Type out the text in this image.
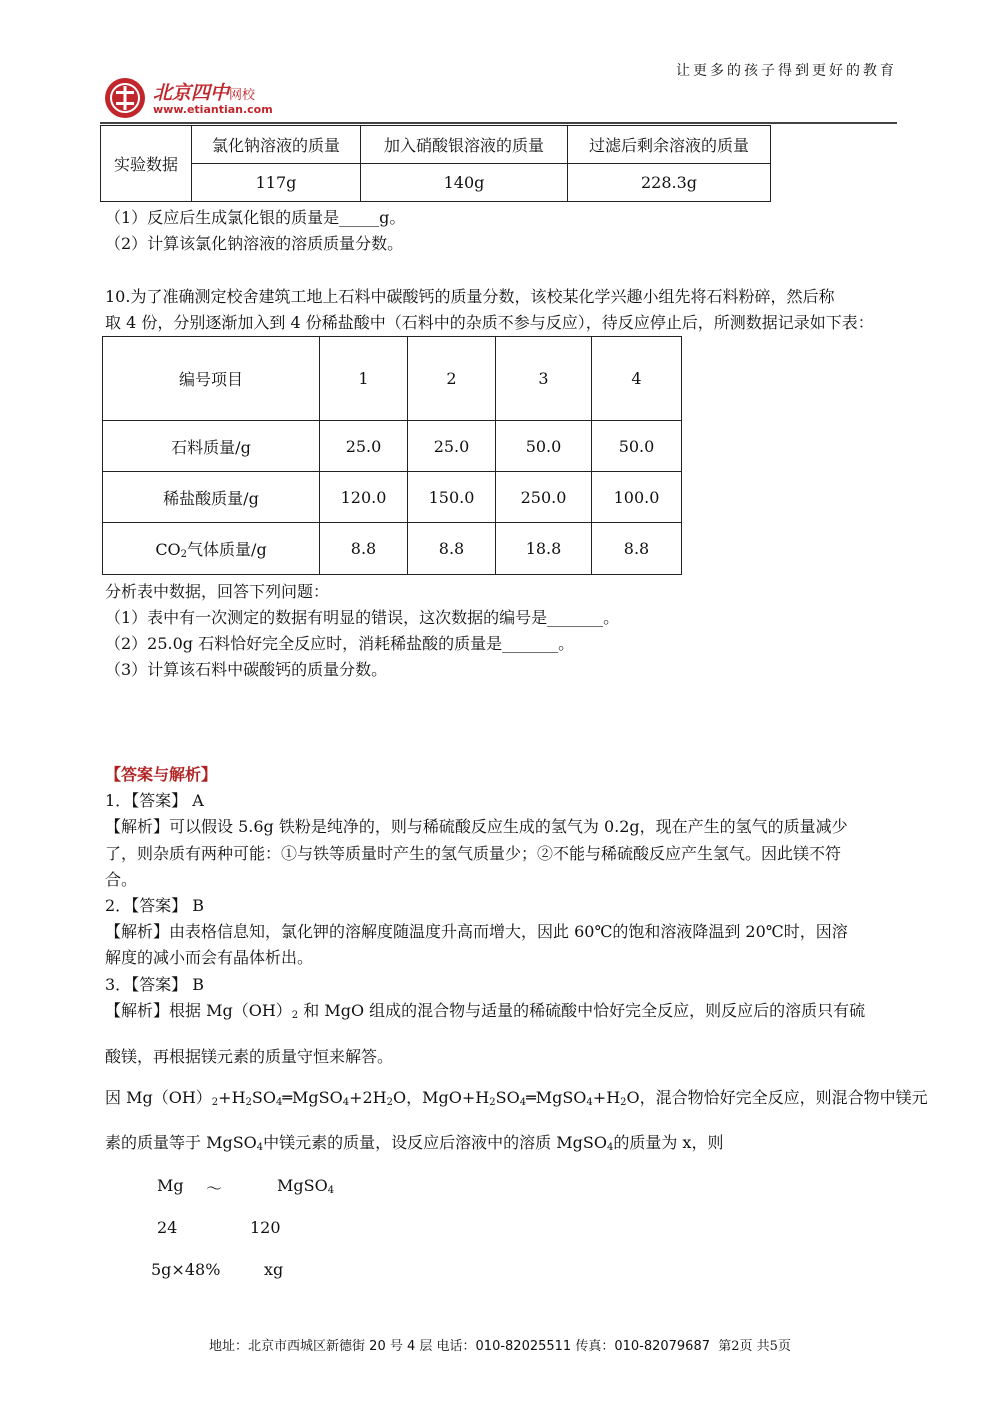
让更多的孩子得到更好的教育
北京四中网校
www.etiantian.com
实验数据	氯化钠溶液的质量	加入硝酸银溶液的质量	过滤后剩余溶液的质量
	117g	140g	228.3g
（1）反应后生成氯化银的质量是_____g。
（2）计算该氯化钠溶液的溶质质量分数。
10.为了准确测定校舍建筑工地上石料中碳酸钙的质量分数，该校某化学兴趣小组先将石料粉碎，然后称
取 4 份，分别逐渐加入到 4 份稀盐酸中（石料中的杂质不参与反应），待反应停止后，所测数据记录如下表：
编号项目	1	2	3	4
石料质量/g	25.0	25.0	50.0	50.0
稀盐酸质量/g	120.0	150.0	250.0	100.0
$CO_2$气体质量/g	8.8	8.8	18.8	8.8
分析表中数据，回答下列问题：
（1）表中有一次测定的数据有明显的错误，这次数据的编号是_______。
（2）25.0g 石料恰好完全反应时，消耗稀盐酸的质量是_______。
（3）计算该石料中碳酸钙的质量分数。
【答案与解析】
1．【答案】 A
【解析】可以假设 5.6g 铁粉是纯净的，则与稀硫酸反应生成的氢气为 0.2g，现在产生的氢气的质量减少
了，则杂质有两种可能：①与铁等质量时产生的氢气质量少；②不能与稀硫酸反应产生氢气。因此镁不符
合。
2．【答案】 B
【解析】由表格信息知，氯化钾的溶解度随温度升高而增大，因此 60℃的饱和溶液降温到 20℃时，因溶
解度的减小而会有晶体析出。
3．【答案】 B
【解析】根据 $Mg(OH)_2$ 和 MgO 组成的混合物与适量的稀硫酸中恰好完全反应，则反应后的溶质只有硫
酸镁，再根据镁元素的质量守恒来解答。
因 $Mg(OH)_2+H_2SO_4═MgSO_4+2H_2O$，$MgO+H_2SO_4═MgSO_4+H_2O$，混合物恰好完全反应，则混合物中镁元
素的质量等于 MgSO$_4$中镁元素的质量，设反应后溶液中的溶质 MgSO$_4$的质量为 x，则
Mg ～	MgSO$_4$
24	120
5g×48%	xg
地址：北京市西城区新德街 20 号 4 层 电话：010-82025511 传真：010-82079687 第2页 共5页
